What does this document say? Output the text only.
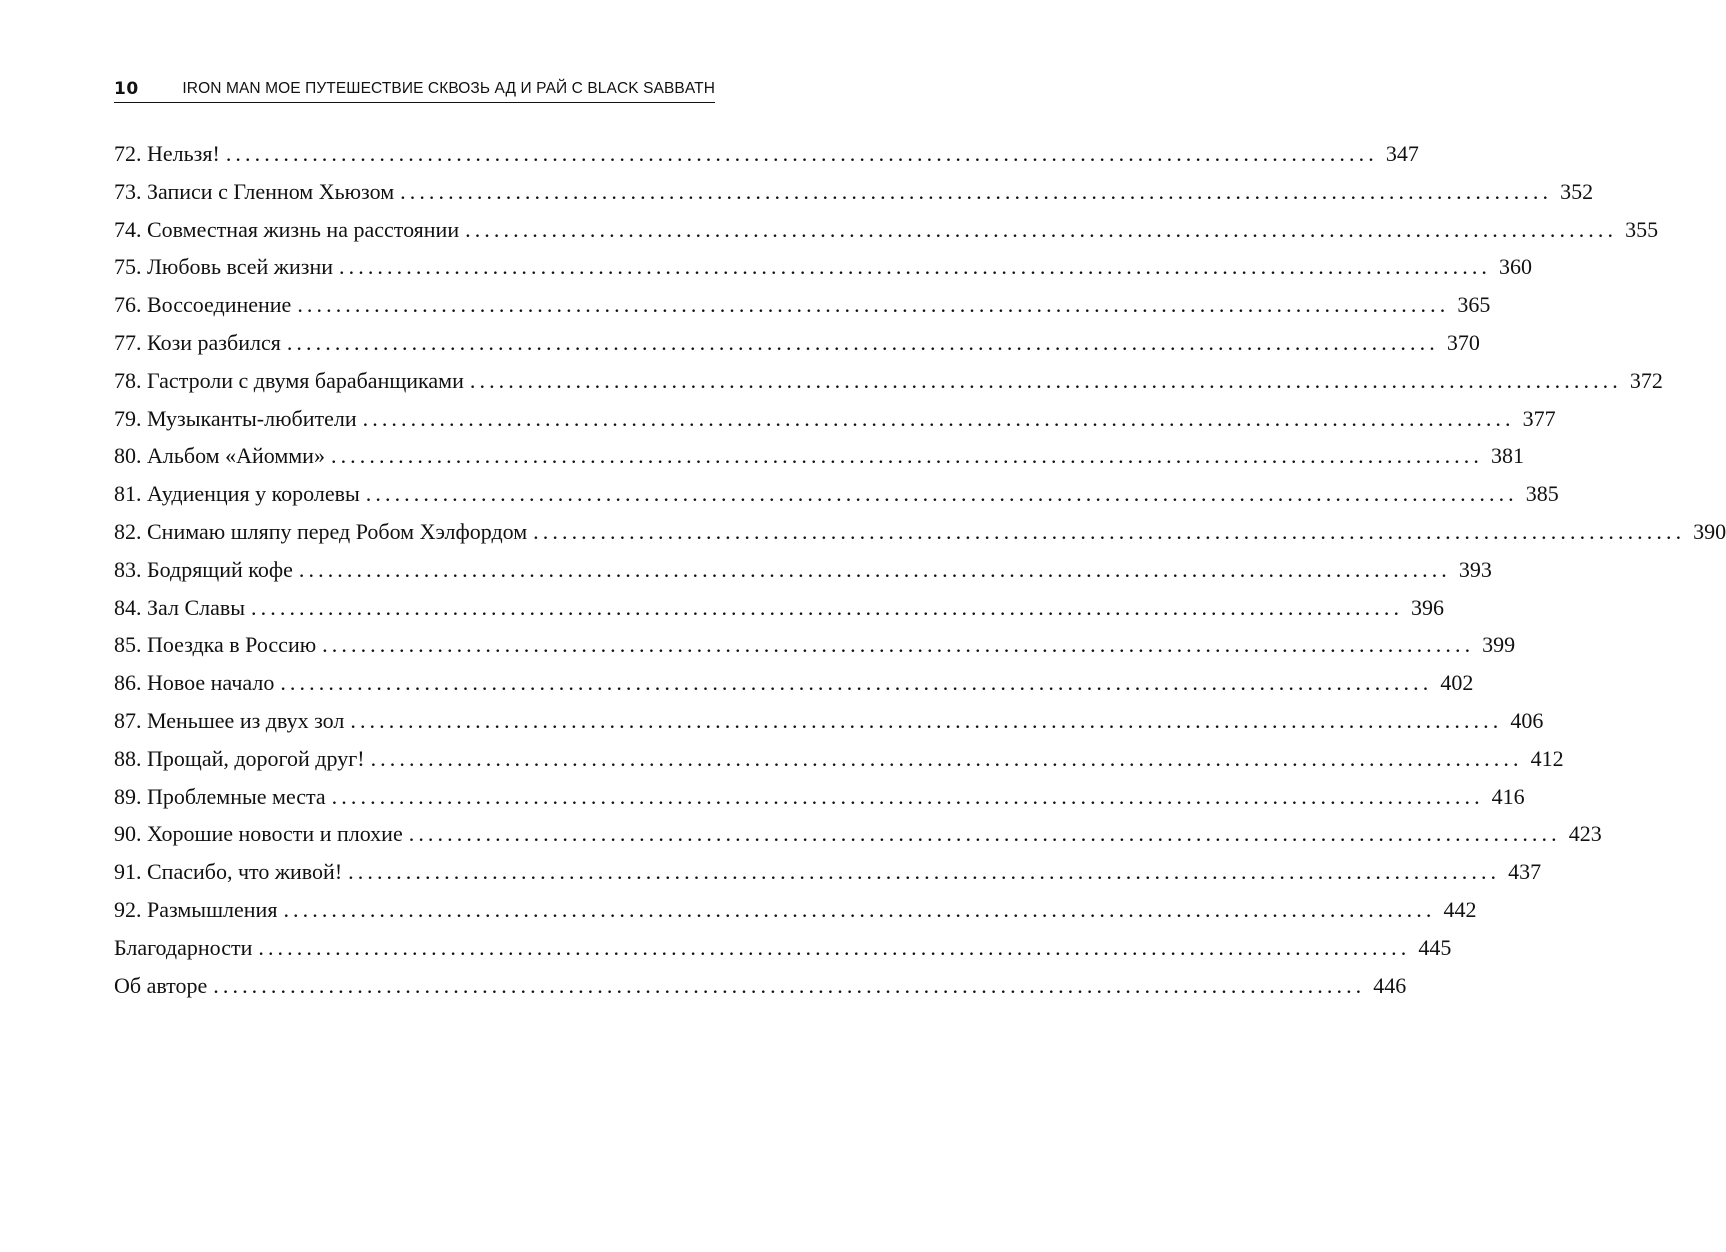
10	IRON MAN МОЕ ПУТЕШЕСТВИЕ СКВОЗЬ АД И РАЙ С BLACK SABBATH
72. Нельзя! ........................................................................................................................ 347
73. Записи с Гленном Хьюзом ........................................................................................................................ 352
74. Совместная жизнь на расстоянии ........................................................................................................................ 355
75. Любовь всей жизни ........................................................................................................................ 360
76. Воссоединение ........................................................................................................................ 365
77. Кози разбился ........................................................................................................................ 370
78. Гастроли с двумя барабанщиками ........................................................................................................................ 372
79. Музыканты-любители ........................................................................................................................ 377
80. Альбом «Айомми» ........................................................................................................................ 381
81. Аудиенция у королевы ........................................................................................................................ 385
82. Снимаю шляпу перед Робом Хэлфордом ........................................................................................................................ 390
83. Бодрящий кофе ........................................................................................................................ 393
84. Зал Славы ........................................................................................................................ 396
85. Поездка в Россию ........................................................................................................................ 399
86. Новое начало ........................................................................................................................ 402
87. Меньшее из двух зол ........................................................................................................................ 406
88. Прощай, дорогой друг! ........................................................................................................................ 412
89. Проблемные места ........................................................................................................................ 416
90. Хорошие новости и плохие ........................................................................................................................ 423
91. Спасибо, что живой! ........................................................................................................................ 437
92. Размышления ........................................................................................................................ 442
Благодарности ........................................................................................................................ 445
Об авторе ........................................................................................................................ 446
